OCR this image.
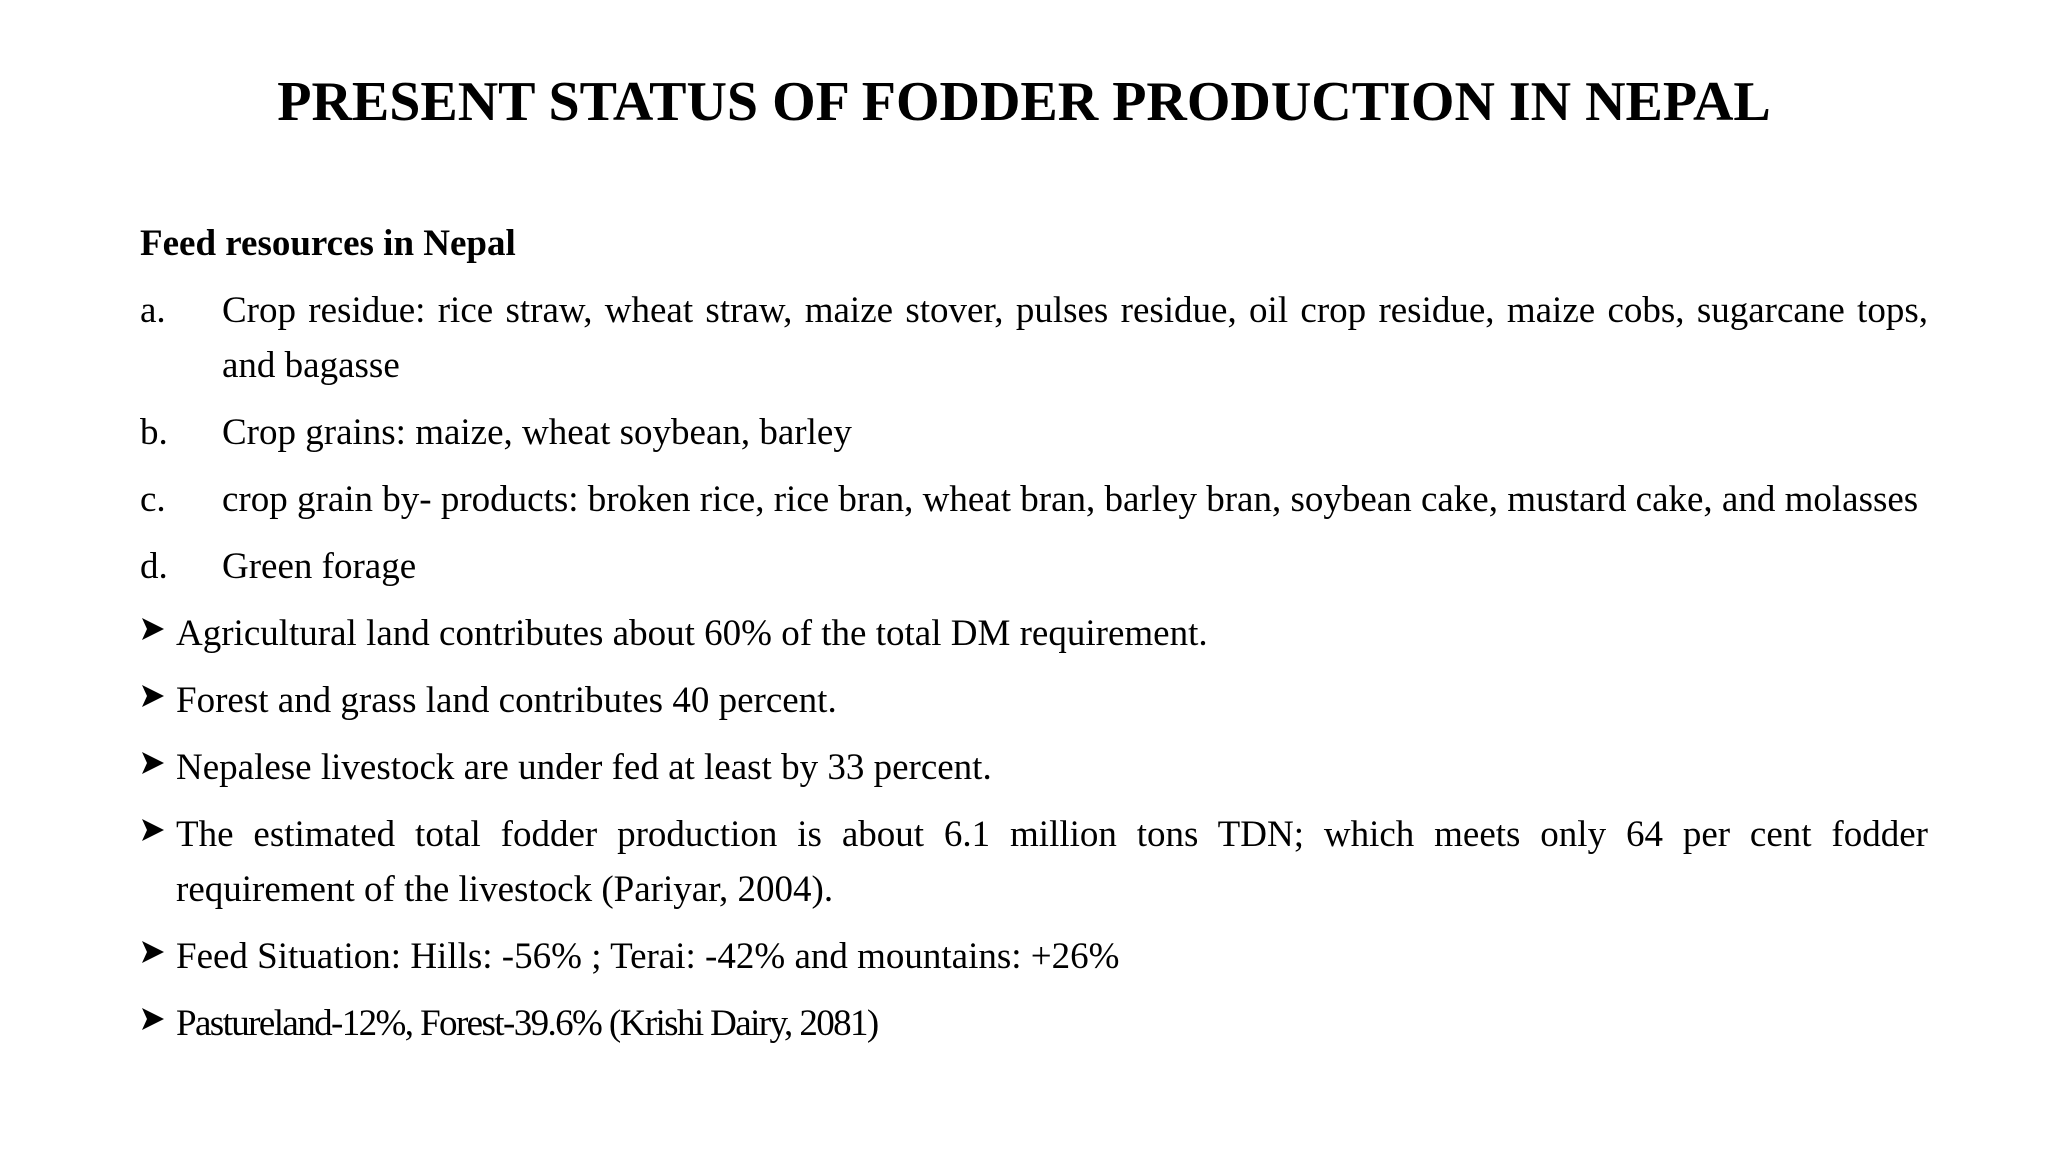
PRESENT STATUS OF FODDER PRODUCTION IN NEPAL
Feed resources in Nepal
a.	Crop residue: rice straw, wheat straw, maize stover, pulses residue, oil crop residue, maize cobs, sugarcane tops, and bagasse
b.	Crop grains: maize, wheat soybean, barley
c.	crop grain by- products: broken rice, rice bran, wheat bran, barley bran, soybean cake, mustard cake, and molasses
d.	Green forage
Agricultural land contributes about 60% of the total DM requirement.
Forest and grass land contributes 40 percent.
Nepalese livestock are under fed at least by 33 percent.
The estimated total fodder production is about 6.1 million tons TDN; which meets only 64 per cent fodder requirement of the livestock (Pariyar, 2004).
Feed Situation: Hills: -56% ; Terai: -42% and mountains: +26%
Pastureland-12%, Forest-39.6% (Krishi Dairy, 2081)
